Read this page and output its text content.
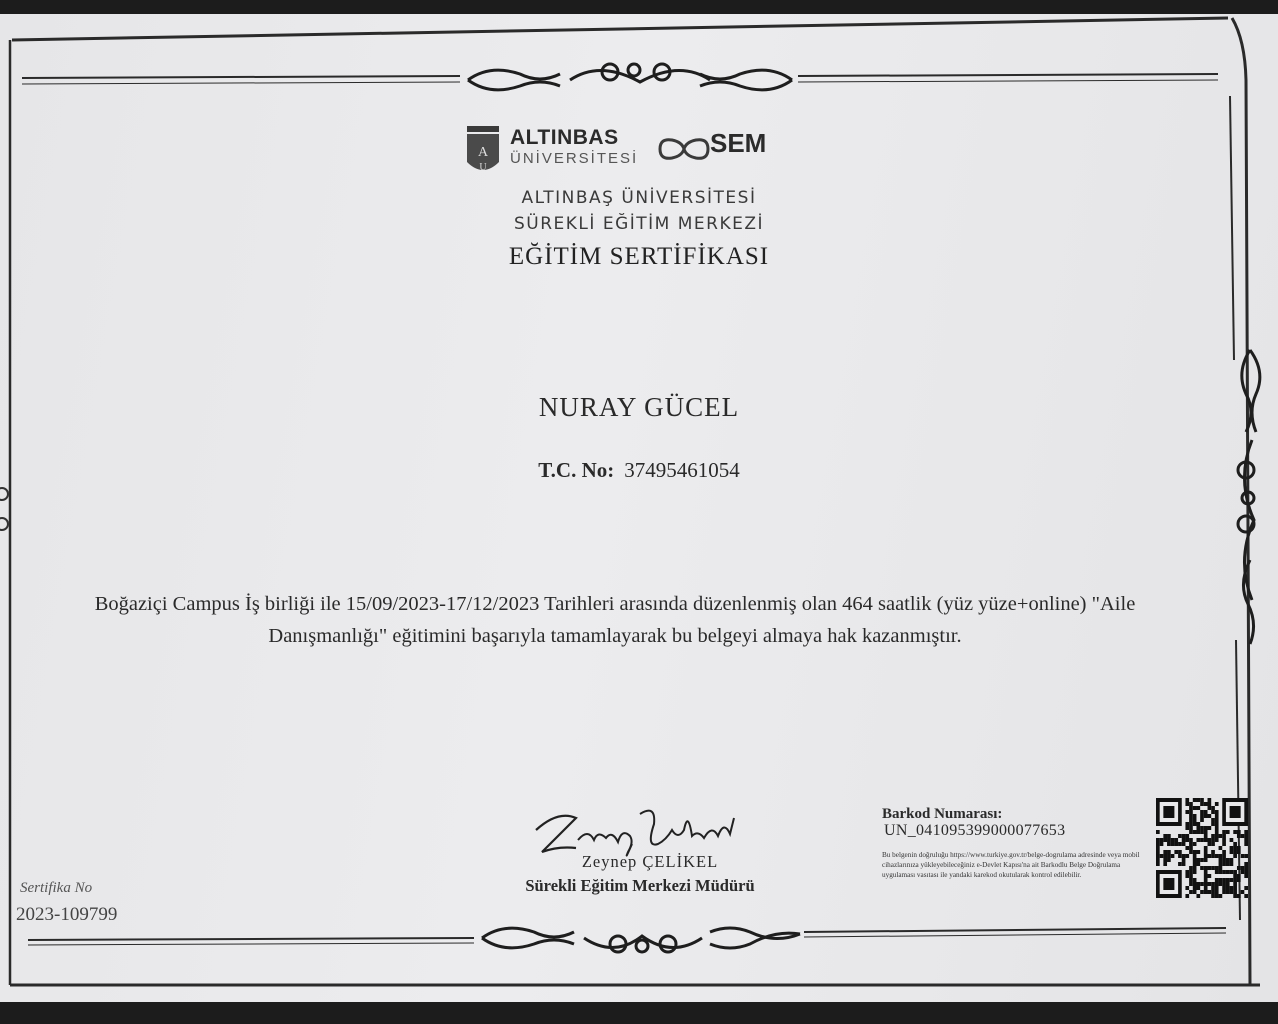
A
U
ALTINBAS
ÜNİVERSİTESİ
SEM
ALTINBAŞ ÜNİVERSİTESİ
SÜREKLİ EĞİTİM MERKEZİ
EĞİTİM SERTİFİKASI
NURAY GÜCEL
T.C. No: 37495461054
Boğaziçi Campus İş birliği ile 15/09/2023-17/12/2023 Tarihleri arasında düzenlenmiş olan 464 saatlik (yüz yüze+online) "Aile Danışmanlığı" eğitimini başarıyla tamamlayarak bu belgeyi almaya hak kazanmıştır.
Zeynep ÇELİKEL
Sürekli Eğitim Merkezi Müdürü
Sertifika No
2023-109799
Barkod Numarası:
UN_041095399000077653
Bu belgenin doğruluğu https://www.turkiye.gov.tr/belge-dogrulama adresinde veya mobil cihazlarınıza yükleyebileceğiniz e-Devlet Kapısı'na ait Barkodlu Belge Doğrulama uygulaması vasıtası ile yandaki karekod okutularak kontrol edilebilir.
